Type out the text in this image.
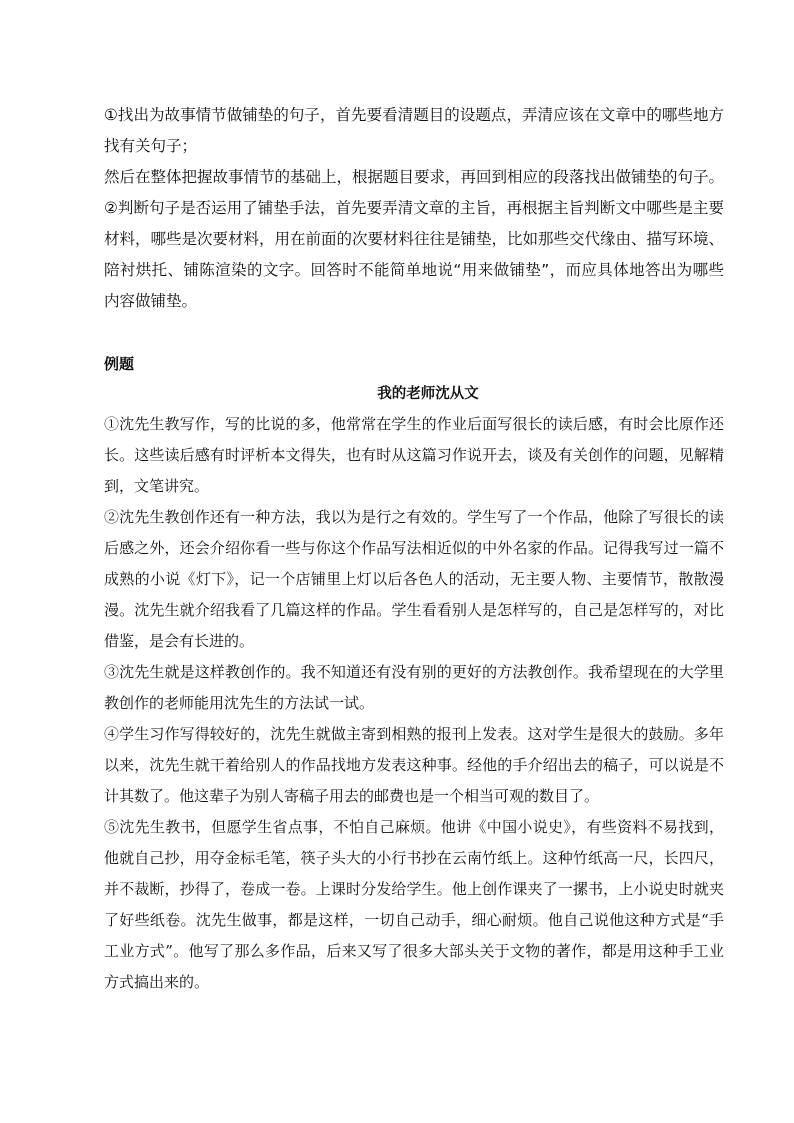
①找出为故事情节做铺垫的句子，首先要看清题目的设题点，弄清应该在文章中的哪些地方找有关句子；

然后在整体把握故事情节的基础上，根据题目要求，再回到相应的段落找出做铺垫的句子。

②判断句子是否运用了铺垫手法，首先要弄清文章的主旨，再根据主旨判断文中哪些是主要材料，哪些是次要材料，用在前面的次要材料往往是铺垫，比如那些交代缘由、描写环境、陪衬烘托、铺陈渲染的文字。回答时不能简单地说“用来做铺垫”，而应具体地答出为哪些内容做铺垫。

例题

我的老师沈从文

①沈先生教写作，写的比说的多，他常常在学生的作业后面写很长的读后感，有时会比原作还长。这些读后感有时评析本文得失，也有时从这篇习作说开去，谈及有关创作的问题，见解精到，文笔讲究。

②沈先生教创作还有一种方法，我以为是行之有效的。学生写了一个作品，他除了写很长的读后感之外，还会介绍你看一些与你这个作品写法相近似的中外名家的作品。记得我写过一篇不成熟的小说《灯下》，记一个店铺里上灯以后各色人的活动，无主要人物、主要情节，散散漫漫。沈先生就介绍我看了几篇这样的作品。学生看看别人是怎样写的，自己是怎样写的，对比借鉴，是会有长进的。

③沈先生就是这样教创作的。我不知道还有没有别的更好的方法教创作。我希望现在的大学里教创作的老师能用沈先生的方法试一试。

④学生习作写得较好的，沈先生就做主寄到相熟的报刊上发表。这对学生是很大的鼓励。多年以来，沈先生就干着给别人的作品找地方发表这种事。经他的手介绍出去的稿子，可以说是不计其数了。他这辈子为别人寄稿子用去的邮费也是一个相当可观的数目了。

⑤沈先生教书，但愿学生省点事，不怕自己麻烦。他讲《中国小说史》，有些资料不易找到，他就自己抄，用夺金标毛笔，筷子头大的小行书抄在云南竹纸上。这种竹纸高一尺，长四尺，并不裁断，抄得了，卷成一卷。上课时分发给学生。他上创作课夹了一摞书，上小说史时就夹了好些纸卷。沈先生做事，都是这样，一切自己动手，细心耐烦。他自己说他这种方式是“手工业方式”。他写了那么多作品，后来又写了很多大部头关于文物的著作，都是用这种手工业方式搞出来的。
